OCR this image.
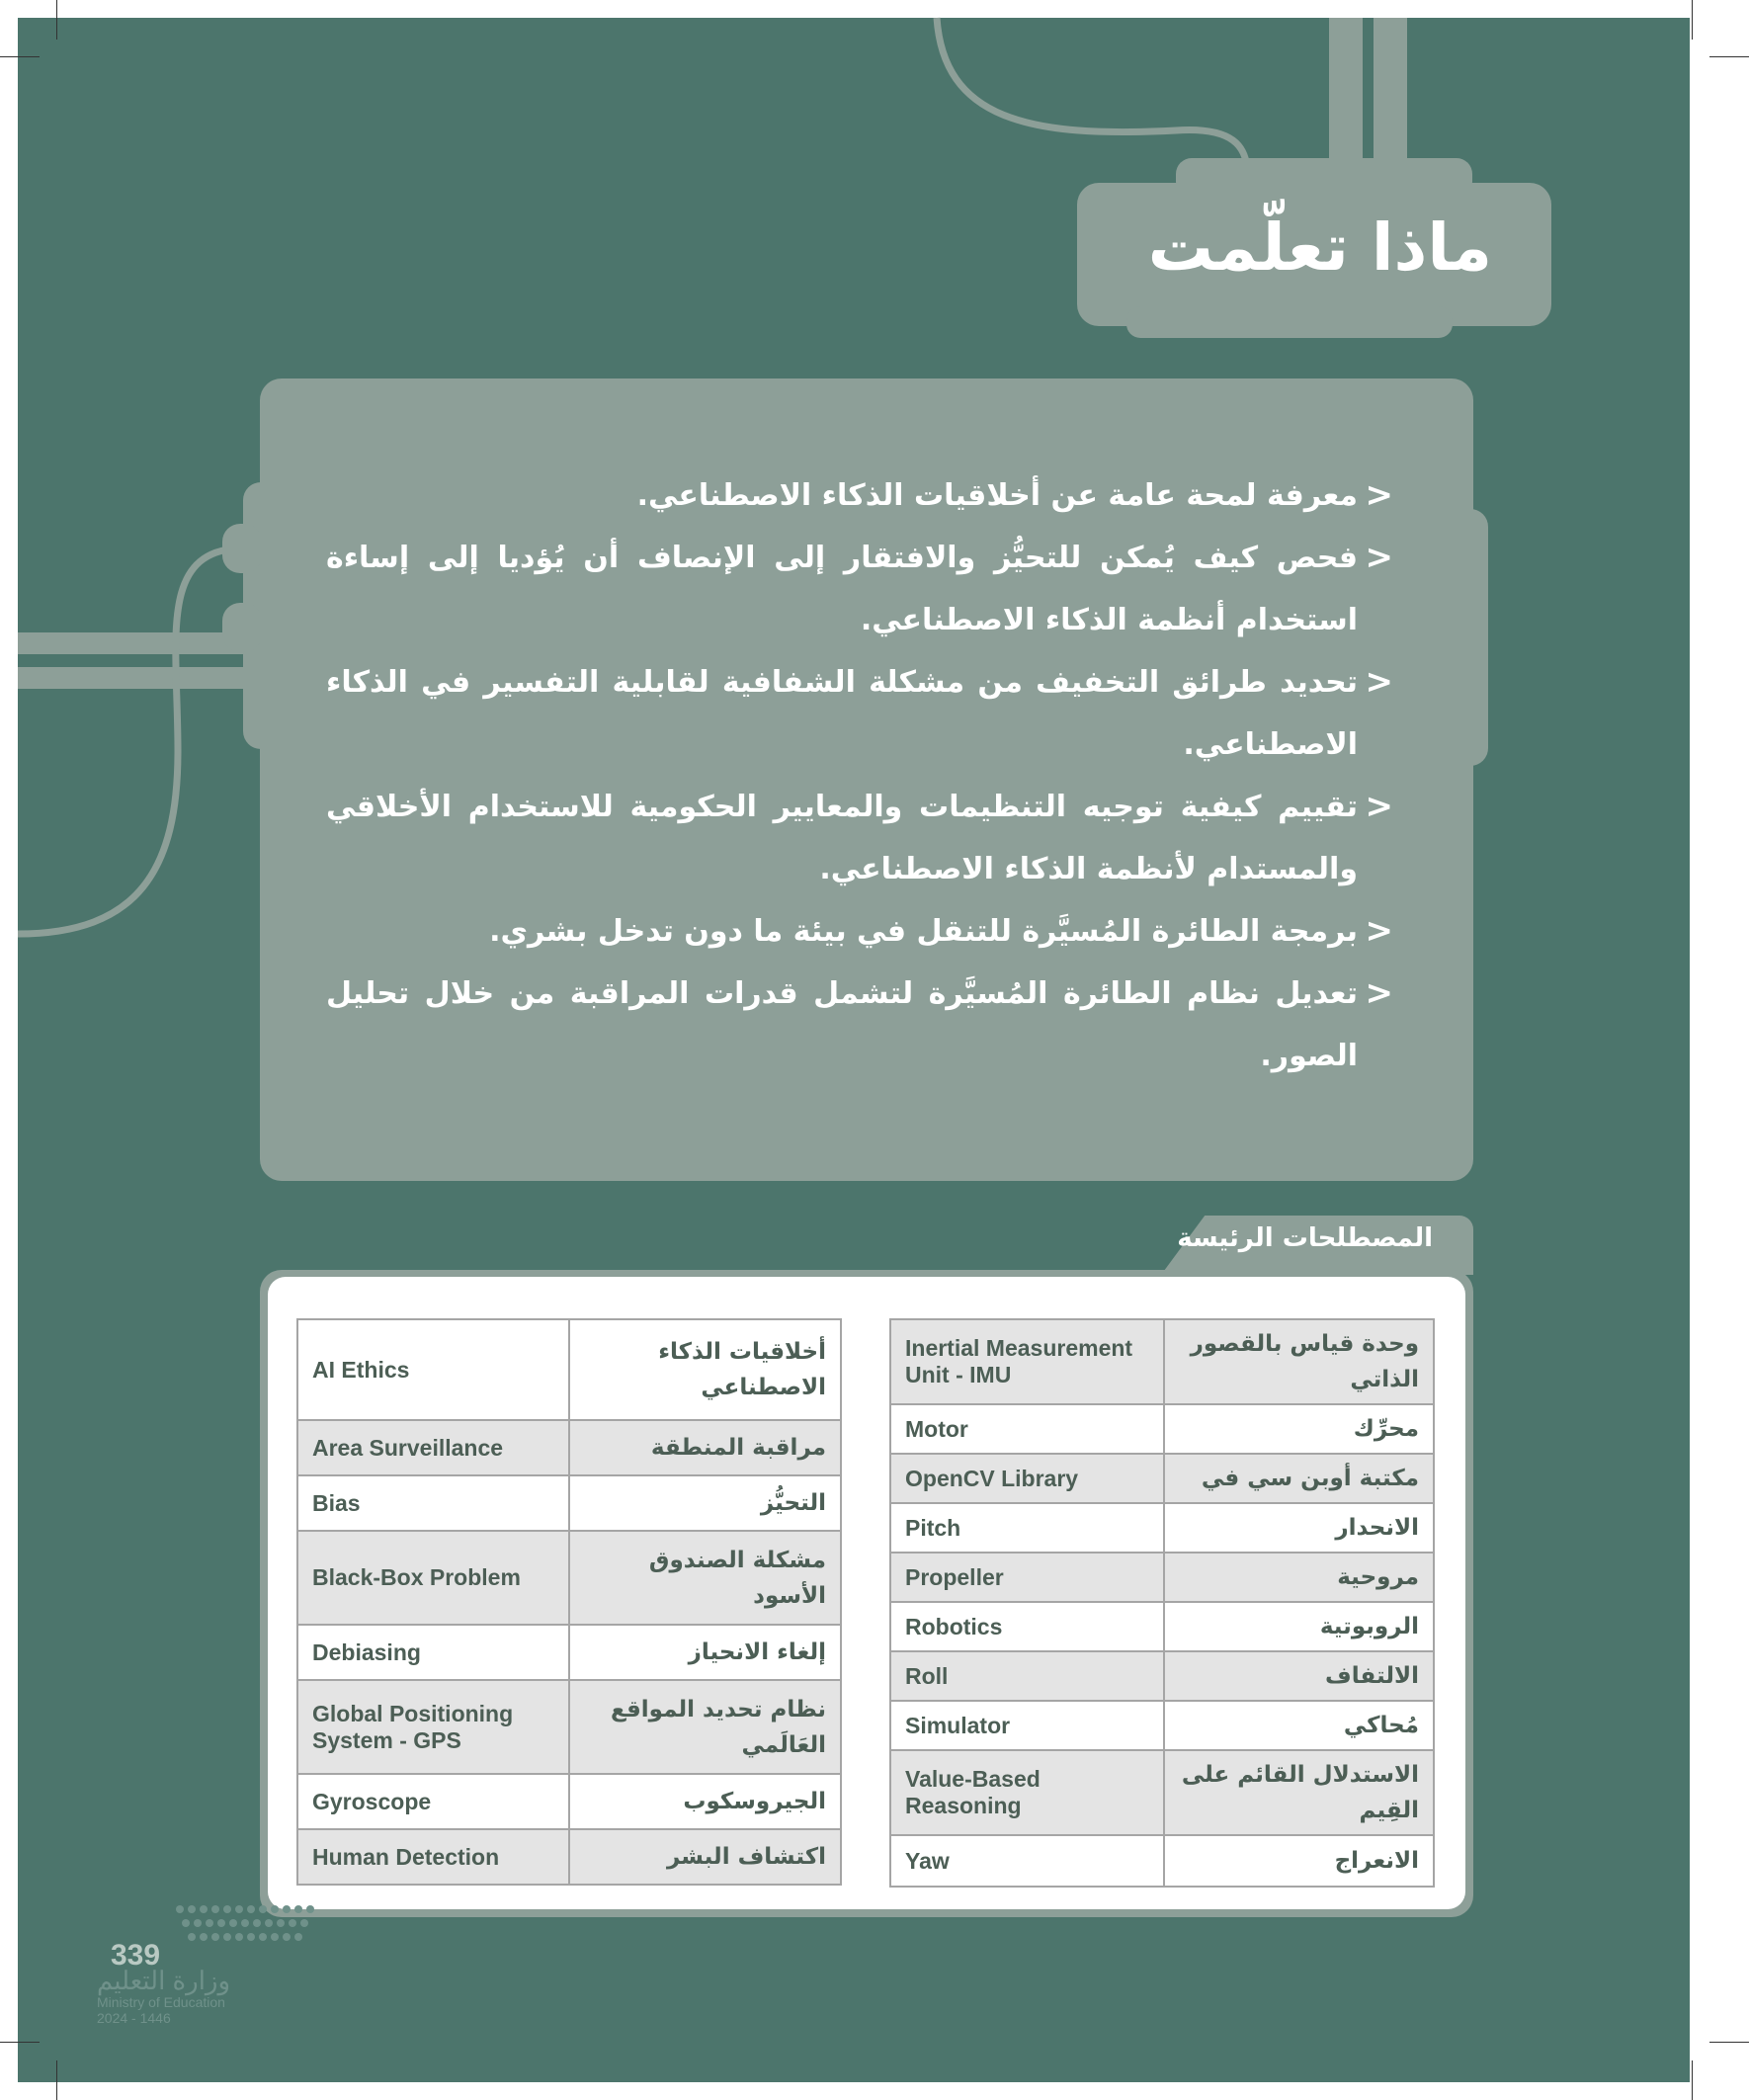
ماذا تعلّمت
<
معرفة لمحة عامة عن أخلاقيات الذكاء الاصطناعي.
<
فحص كيف يُمكن للتحيُّز والافتقار إلى الإنصاف أن يُؤديا إلى إساءة استخدام أنظمة الذكاء الاصطناعي.
<
تحديد طرائق التخفيف من مشكلة الشفافية لقابلية التفسير في الذكاء الاصطناعي.
<
تقييم كيفية توجيه التنظيمات والمعايير الحكومية للاستخدام الأخلاقي والمستدام لأنظمة الذكاء الاصطناعي.
<
برمجة الطائرة المُسيَّرة للتنقل في بيئة ما دون تدخل بشري.
<
تعديل نظام الطائرة المُسيَّرة لتشمل قدرات المراقبة من خلال تحليل الصور.
المصطلحات الرئيسة
AI Ethics	أخلاقيات الذكاء الاصطناعي
Area Surveillance	مراقبة المنطقة
Bias	التحيُّز
Black-Box Problem	مشكلة الصندوق الأسود
Debiasing	إلغاء الانحياز
Global Positioning System - GPS	نظام تحديد المواقع العَالَمي
Gyroscope	الجيروسكوب
Human Detection	اكتشاف البشر
Inertial Measurement Unit - IMU	وحدة قياس بالقصور الذاتي
Motor	محرِّك
OpenCV Library	مكتبة أوبن سي في
Pitch	الانحدار
Propeller	مروحية
Robotics	الروبوتية
Roll	الالتفاف
Simulator	مُحاكي
Value-Based Reasoning	الاستدلال القائم على القِيم
Yaw	الانعراج
339
وزارة التعليم
Ministry of Education
2024 - 1446
